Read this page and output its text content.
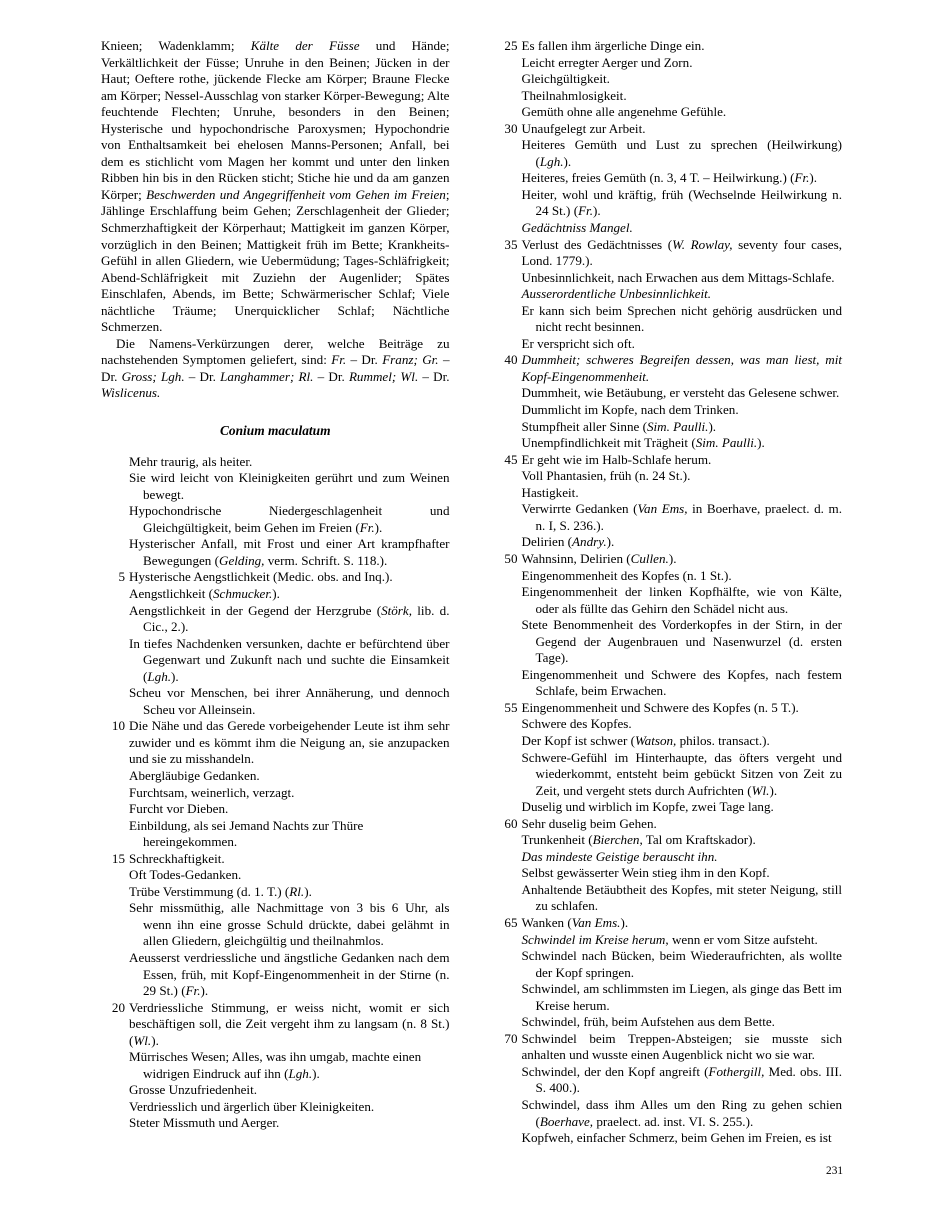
Knieen; Wadenklamm; Kälte der Füsse und Hände; Verkältlichkeit der Füsse; Unruhe in den Beinen; Jücken in der Haut; Oeftere rothe, jückende Flecke am Körper; Braune Flecke am Körper; Nessel-Ausschlag von starker Körper-Bewegung; Alte feuchtende Flechten; Unruhe, besonders in den Beinen; Hysterische und hypochondrische Paroxysmen; Hypochondrie von Enthaltsamkeit bei ehelosen Manns-Personen; Anfall, bei dem es stichlicht vom Magen her kommt und unter den linken Ribben hin bis in den Rücken sticht; Stiche hie und da am ganzen Körper; Beschwerden und Angegriffenheit vom Gehen im Freien; Jählinge Erschlaffung beim Gehen; Zerschlagenheit der Glieder; Schmerzhaftigkeit der Körperhaut; Mattigkeit im ganzen Körper, vorzüglich in den Beinen; Mattigkeit früh im Bette; Krankheits-Gefühl in allen Gliedern, wie Uebermüdung; Tages-Schläfrigkeit; Abend-Schläfrigkeit mit Zuziehn der Augenlider; Spätes Einschlafen, Abends, im Bette; Schwärmerischer Schlaf; Viele nächtliche Träume; Unerquicklicher Schlaf; Nächtliche Schmerzen.
Die Namens-Verkürzungen derer, welche Beiträge zu nachstehenden Symptomen geliefert, sind: Fr. – Dr. Franz; Gr. – Dr. Gross; Lgh. – Dr. Langhammer; Rl. – Dr. Rummel; Wl. – Dr. Wislicenus.
Conium maculatum
Mehr traurig, als heiter.
Sie wird leicht von Kleinigkeiten gerührt und zum Weinen bewegt.
Hypochondrische Niedergeschlagenheit und Gleichgültigkeit, beim Gehen im Freien (Fr.).
Hysterischer Anfall, mit Frost und einer Art krampfhafter Bewegungen (Gelding, verm. Schrift. S. 118.).
5 Hysterische Aengstlichkeit (Medic. obs. and Inq.).
Aengstlichkeit (Schmucker.).
Aengstlichkeit in der Gegend der Herzgrube (Störk, lib. d. Cic., 2.).
In tiefes Nachdenken versunken, dachte er befürchtend über Gegenwart und Zukunft nach und suchte die Einsamkeit (Lgh.).
Scheu vor Menschen, bei ihrer Annäherung, und dennoch Scheu vor Alleinsein.
10 Die Nähe und das Gerede vorbeigehender Leute ist ihm sehr zuwider und es kömmt ihm die Neigung an, sie anzupacken und sie zu misshandeln.
Abergläubige Gedanken.
Furchtsam, weinerlich, verzagt.
Furcht vor Dieben.
Einbildung, als sei Jemand Nachts zur Thüre hereingekommen.
15 Schreckhaftigkeit.
Oft Todes-Gedanken.
Trübe Verstimmung (d. 1. T.) (Rl.).
Sehr missmüthig, alle Nachmittage von 3 bis 6 Uhr, als wenn ihn eine grosse Schuld drückte, dabei gelähmt in allen Gliedern, gleichgültig und theilnahmlos.
Aeusserst verdriessliche und ängstliche Gedanken nach dem Essen, früh, mit Kopf-Eingenommenheit in der Stirne (n. 29 St.) (Fr.).
20 Verdriessliche Stimmung, er weiss nicht, womit er sich beschäftigen soll, die Zeit vergeht ihm zu langsam (n. 8 St.) (Wl.).
Mürrisches Wesen; Alles, was ihn umgab, machte einen widrigen Eindruck auf ihn (Lgh.).
Grosse Unzufriedenheit.
Verdriesslich und ärgerlich über Kleinigkeiten.
Steter Missmuth und Aerger.
25 Es fallen ihm ärgerliche Dinge ein.
Leicht erregter Aerger und Zorn.
Gleichgültigkeit.
Theilnahmlosigkeit.
Gemüth ohne alle angenehme Gefühle.
30 Unaufgelegt zur Arbeit.
Heiteres Gemüth und Lust zu sprechen (Heilwirkung) (Lgh.).
Heiteres, freies Gemüth (n. 3, 4 T. – Heilwirkung.) (Fr.).
Heiter, wohl und kräftig, früh (Wechselnde Heilwirkung n. 24 St.) (Fr.).
Gedächtniss Mangel.
35 Verlust des Gedächtnisses (W. Rowlay, seventy four cases, Lond. 1779.).
Unbesinnlichkeit, nach Erwachen aus dem Mittags-Schlafe.
Ausserordentliche Unbesinnlichkeit.
Er kann sich beim Sprechen nicht gehörig ausdrücken und nicht recht besinnen.
Er verspricht sich oft.
40 Dummheit; schweres Begreifen dessen, was man liest, mit Kopf-Eingenommenheit.
Dummheit, wie Betäubung, er versteht das Gelesene schwer.
Dummlicht im Kopfe, nach dem Trinken.
Stumpfheit aller Sinne (Sim. Paulli.).
Unempfindlichkeit mit Trägheit (Sim. Paulli.).
45 Er geht wie im Halb-Schlafe herum.
Voll Phantasien, früh (n. 24 St.).
Hastigkeit.
Verwirrte Gedanken (Van Ems, in Boerhave, praelect. d. m. n. I, S. 236.).
Delirien (Andry.).
50 Wahnsinn, Delirien (Cullen.).
Eingenommenheit des Kopfes (n. 1 St.).
Eingenommenheit der linken Kopfhälfte, wie von Kälte, oder als füllte das Gehirn den Schädel nicht aus.
Stete Benommenheit des Vorderkopfes in der Stirn, in der Gegend der Augenbrauen und Nasenwurzel (d. ersten Tage).
Eingenommenheit und Schwere des Kopfes, nach festem Schlafe, beim Erwachen.
55 Eingenommenheit und Schwere des Kopfes (n. 5 T.).
Schwere des Kopfes.
Der Kopf ist schwer (Watson, philos. transact.).
Schwere-Gefühl im Hinterhaupte, das öfters vergeht und wiederkommt, entsteht beim gebückt Sitzen von Zeit zu Zeit, und vergeht stets durch Aufrichten (Wl.).
Duselig und wirblich im Kopfe, zwei Tage lang.
60 Sehr duselig beim Gehen.
Trunkenheit (Bierchen, Tal om Kraftskador).
Das mindeste Geistige berauscht ihn.
Selbst gewässerter Wein stieg ihm in den Kopf.
Anhaltende Betäubtheit des Kopfes, mit steter Neigung, still zu schlafen.
65 Wanken (Van Ems.).
Schwindel im Kreise herum, wenn er vom Sitze aufsteht.
Schwindel nach Bücken, beim Wiederaufrichten, als wollte der Kopf springen.
Schwindel, am schlimmsten im Liegen, als ginge das Bett im Kreise herum.
Schwindel, früh, beim Aufstehen aus dem Bette.
70 Schwindel beim Treppen-Absteigen; sie musste sich anhalten und wusste einen Augenblick nicht wo sie war.
Schwindel, der den Kopf angreift (Fothergill, Med. obs. III. S. 400.).
Schwindel, dass ihm Alles um den Ring zu gehen schien (Boerhave, praelect. ad. inst. VI. S. 255.).
Kopfweh, einfacher Schmerz, beim Gehen im Freien, es ist
231
